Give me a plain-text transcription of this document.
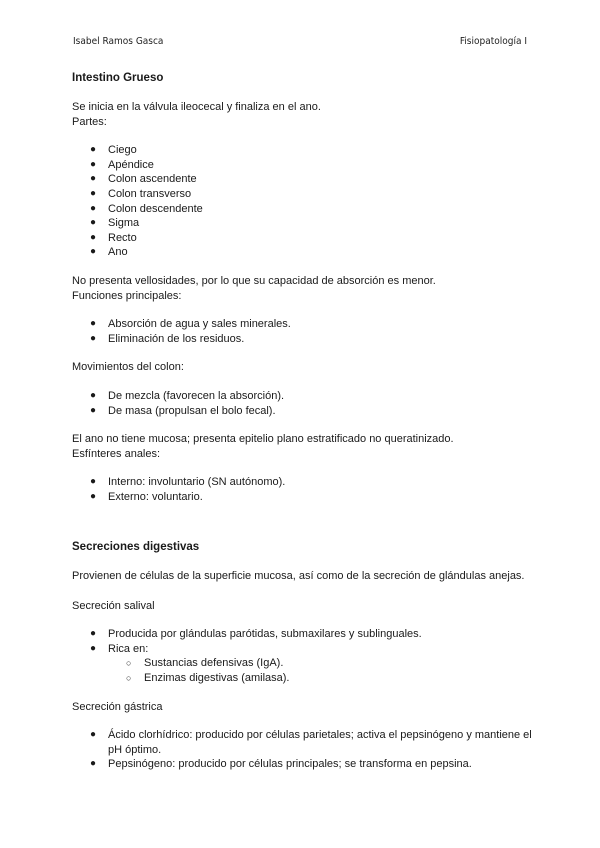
Isabel Ramos Gasca	Fisiopatología I

Intestino Grueso

Se inicia en la válvula ileocecal y finaliza en el ano.

Partes:

● Ciego
● Apéndice
● Colon ascendente
● Colon transverso
● Colon descendente
● Sigma
● Recto
● Ano

No presenta vellosidades, por lo que su capacidad de absorción es menor.

Funciones principales:

● Absorción de agua y sales minerales.
● Eliminación de los residuos.

Movimientos del colon:

● De mezcla (favorecen la absorción).
● De masa (propulsan el bolo fecal).

El ano no tiene mucosa; presenta epitelio plano estratificado no queratinizado.

Esfínteres anales:

● Interno: involuntario (SN autónomo).
● Externo: voluntario.

Secreciones digestivas

Provienen de células de la superficie mucosa, así como de la secreción de glándulas anejas.

Secreción salival

● Producida por glándulas parótidas, submaxilares y sublinguales.
● Rica en:
○ Sustancias defensivas (IgA).
○ Enzimas digestivas (amilasa).

Secreción gástrica

● Ácido clorhídrico: producido por células parietales; activa el pepsinógeno y mantiene el pH óptimo.
● Pepsinógeno: producido por células principales; se transforma en pepsina.
